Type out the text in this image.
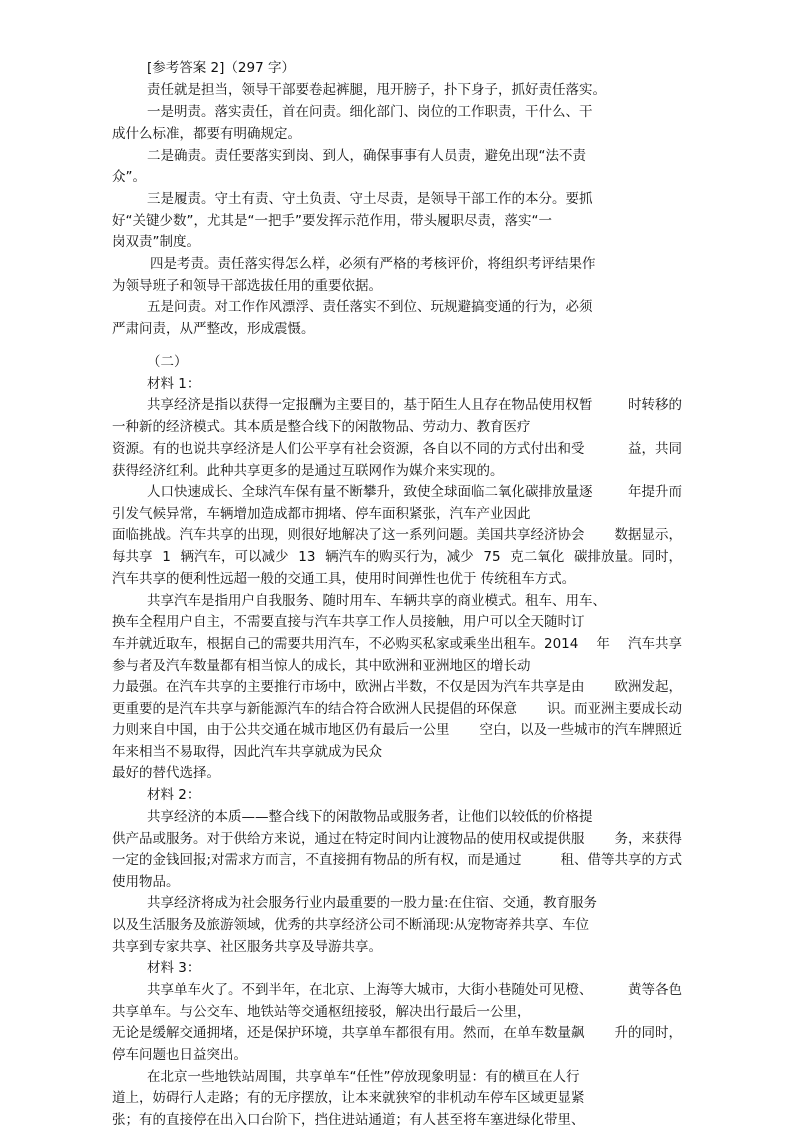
[参考答案 2]（297 字）
责任就是担当，领导干部要卷起裤腿，甩开膀子，扑下身子，抓好责任落实。
一是明责。落实责任，首在问责。细化部门、岗位的工作职责，干什么、干
成什么标准，都要有明确规定。
二是确责。责任要落实到岗、到人，确保事事有人员责，避免出现“法不责
众”。
三是履责。守土有责、守土负责、守土尽责，是领导干部工作的本分。要抓
好“关键少数”，尤其是“一把手”要发挥示范作用，带头履职尽责，落实“一
岗双责”制度。
四是考责。责任落实得怎么样，必须有严格的考核评价，将组织考评结果作
为领导班子和领导干部选拔任用的重要依据。
五是问责。对工作作风漂浮、责任落实不到位、玩规避搞变通的行为，必须
严肃问责，从严整改，形成震慑。
（二）
材料 1：
共享经济是指以获得一定报酬为主要目的，基于陌生人且存在物品使用权暂	时转移的
一种新的经济模式。其本质是整合线下的闲散物品、劳动力、教育医疗
资源。有的也说共享经济是人们公平享有社会资源，各自以不同的方式付出和受	益，共同
获得经济红利。此种共享更多的是通过互联网作为媒介来实现的。
人口快速成长、全球汽车保有量不断攀升，致使全球面临二氧化碳排放量逐	年提升而
引发气候异常，车辆增加造成都市拥堵、停车面积紧张，汽车产业因此
面临挑战。汽车共享的出现，则很好地解决了这一系列问题。美国共享经济协会 数据显示，
每共享 1 辆汽车，可以减少 13 辆汽车的购买行为，减少 75 克二氧化 碳排放量。同时，
汽车共享的便利性远超一般的交通工具，使用时间弹性也优于 传统租车方式。
共享汽车是指用户自我服务、随时用车、车辆共享的商业模式。租车、用车、
换车全程用户自主，不需要直接与汽车共享工作人员接触，用户可以全天随时订
车并就近取车，根据自己的需要共用汽车，不必购买私家或乘坐出租车。2014 年 汽车共享
参与者及汽车数量都有相当惊人的成长，其中欧洲和亚洲地区的增长动
力最强。在汽车共享的主要推行市场中，欧洲占半数，不仅是因为汽车共享是由 欧洲发起，
更重要的是汽车共享与新能源汽车的结合符合欧洲人民提倡的环保意 识。而亚洲主要成长动
力则来自中国，由于公共交通在城市地区仍有最后一公里 空白，以及一些城市的汽车牌照近
年来相当不易取得，因此汽车共享就成为民众
最好的替代选择。
材料 2：
共享经济的本质——整合线下的闲散物品或服务者，让他们以较低的价格提
供产品或服务。对于供给方来说，通过在特定时间内让渡物品的使用权或提供服 务，来获得
一定的金钱回报;对需求方而言，不直接拥有物品的所有权，而是通过	租、借等共享的方式
使用物品。
共享经济将成为社会服务行业内最重要的一股力量:在住宿、交通，教育服务
以及生活服务及旅游领域，优秀的共享经济公司不断涌现:从宠物寄养共享、车位
共享到专家共享、社区服务共享及导游共享。
材料 3：
共享单车火了。不到半年，在北京、上海等大城市，大街小巷随处可见橙、	黄等各色
共享单车。与公交车、地铁站等交通枢纽接驳，解决出行最后一公里，
无论是缓解交通拥堵，还是保护环境，共享单车都很有用。然而，在单车数量飙 升的同时，
停车问题也日益突出。
在北京一些地铁站周围，共享单车“任性”停放现象明显：有的横亘在人行
道上，妨碍行人走路；有的无序摆放，让本来就狭窄的非机动车停车区域更显紧
张；有的直接停在出入口台阶下，挡住进站通道；有人甚至将车塞进绿化带里、
